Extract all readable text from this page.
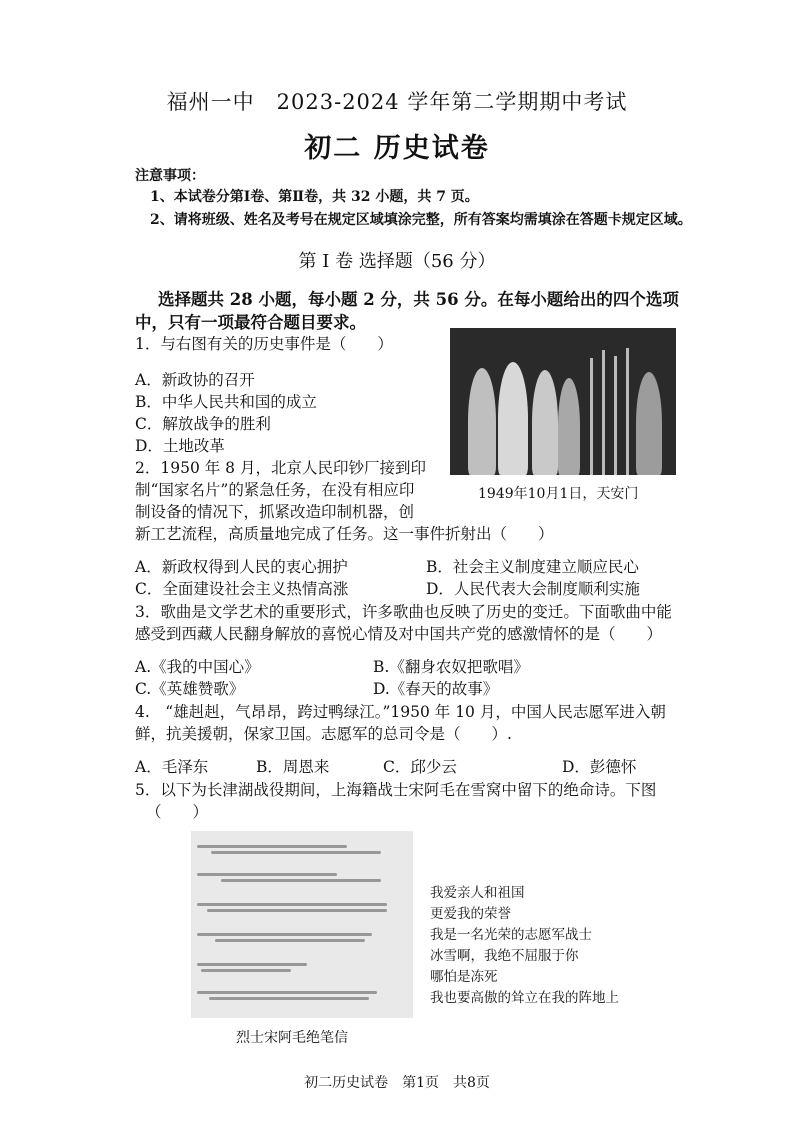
福州一中　2023-2024 学年第二学期期中考试
初二 历史试卷
注意事项：
1、本试卷分第Ⅰ卷、第Ⅱ卷，共 32 小题，共 7 页。
2、请将班级、姓名及考号在规定区域填涂完整，所有答案均需填涂在答题卡规定区域。
第 I 卷 选择题（56 分）
选择题共 28 小题，每小题 2 分，共 56 分。在每小题给出的四个选项
中，只有一项最符合题目要求。
1．与右图有关的历史事件是（　　）
A．新政协的召开
B．中华人民共和国的成立
C．解放战争的胜利
D．土地改革
1949年10月1日，天安门
2．1950 年 8 月，北京人民印钞厂接到印
制“国家名片”的紧急任务，在没有相应印
制设备的情况下，抓紧改造印制机器，创
新工艺流程，高质量地完成了任务。这一事件折射出（　　）
A．新政权得到人民的衷心拥护	B．社会主义制度建立顺应民心
C．全面建设社会主义热情高涨	D．人民代表大会制度顺利实施
3．歌曲是文学艺术的重要形式，许多歌曲也反映了历史的变迁。下面歌曲中能
感受到西藏人民翻身解放的喜悦心情及对中国共产党的感激情怀的是（　　）
A.《我的中国心》	B.《翻身农奴把歌唱》
C.《英雄赞歌》	D.《春天的故事》
4.　“雄赳赳，气昂昂，跨过鸭绿江。”1950 年 10 月，中国人民志愿军进入朝
鲜，抗美援朝，保家卫国。志愿军的总司令是（　　）.
A．毛泽东	B．周恩来	C．邱少云	D．彭德怀
5．以下为长津湖战役期间，上海籍战士宋阿毛在雪窝中留下的绝命诗。下图
（　　）
烈士宋阿毛绝笔信
我爱亲人和祖国
更爱我的荣誉
我是一名光荣的志愿军战士
冰雪啊，我绝不屈服于你
哪怕是冻死
我也要高傲的耸立在我的阵地上
初二历史试卷　第1页　共8页
